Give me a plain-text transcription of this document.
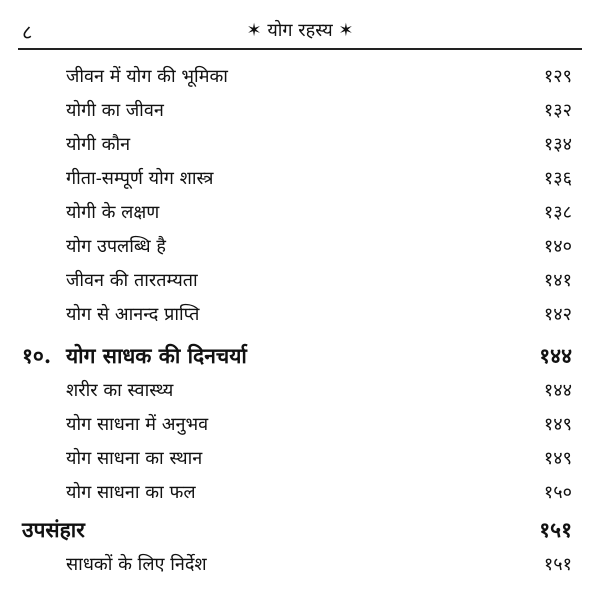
८	✶ योग रहस्य ✶
जीवन में योग की भूमिका	१२९
योगी का जीवन	१३२
योगी कौन	१३४
गीता-सम्पूर्ण योग शास्त्र	१३६
योगी के लक्षण	१३८
योग उपलब्धि है	१४०
जीवन की तारतम्यता	१४१
योग से आनन्द प्राप्ति	१४२
१०. योग साधक की दिनचर्या	१४४
शरीर का स्वास्थ्य	१४४
योग साधना में अनुभव	१४९
योग साधना का स्थान	१४९
योग साधना का फल	१५०
उपसंहार	१५१
साधकों के लिए निर्देश	१५१
